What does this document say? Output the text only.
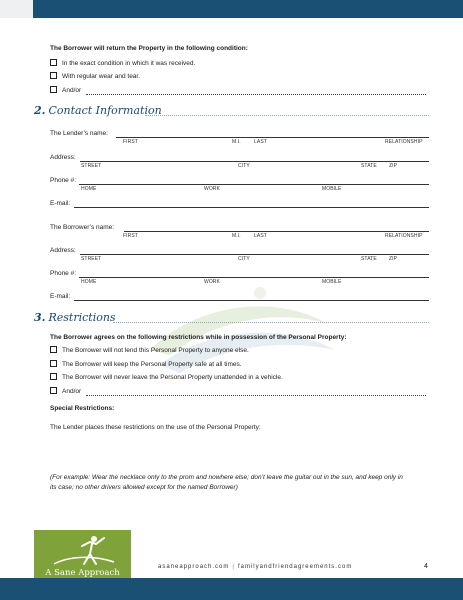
The Borrower will return the Property in the following condition:
In the exact condition in which it was received.
With regular wear and tear.
And/or
2. Contact Information
The Lender’s name:
FIRST	M.I.	LAST	RELATIONSHIP
Address:
STREET	CITY	STATE ZIP
Phone #:
HOME	WORK	MOBILE
E-mail:
The Borrower’s name:
FIRST	M.I.	LAST	RELATIONSHIP
Address:
STREET	CITY	STATE ZIP
Phone #:
HOME	WORK	MOBILE
E-mail:
3. Restrictions
The Borrower agrees on the following restrictions while in possession of the Personal Property:
The Borrower will not lend this Personal Property to anyone else.
The Borrower will keep the Personal Property safe at all times.
The Borrower will never leave the Personal Property unattended in a vehicle.
And/or
Special Restrictions:
The Lender places these restrictions on the use of the Personal Property:
(For example: Wear the necklace only to the prom and nowhere else; don’t leave the guitar out in the sun, and keep only in
its case; no other drivers allowed except for the named Borrower)
A Sane Approach
asaneapproach.com | familyandfriendagreements.com	4
